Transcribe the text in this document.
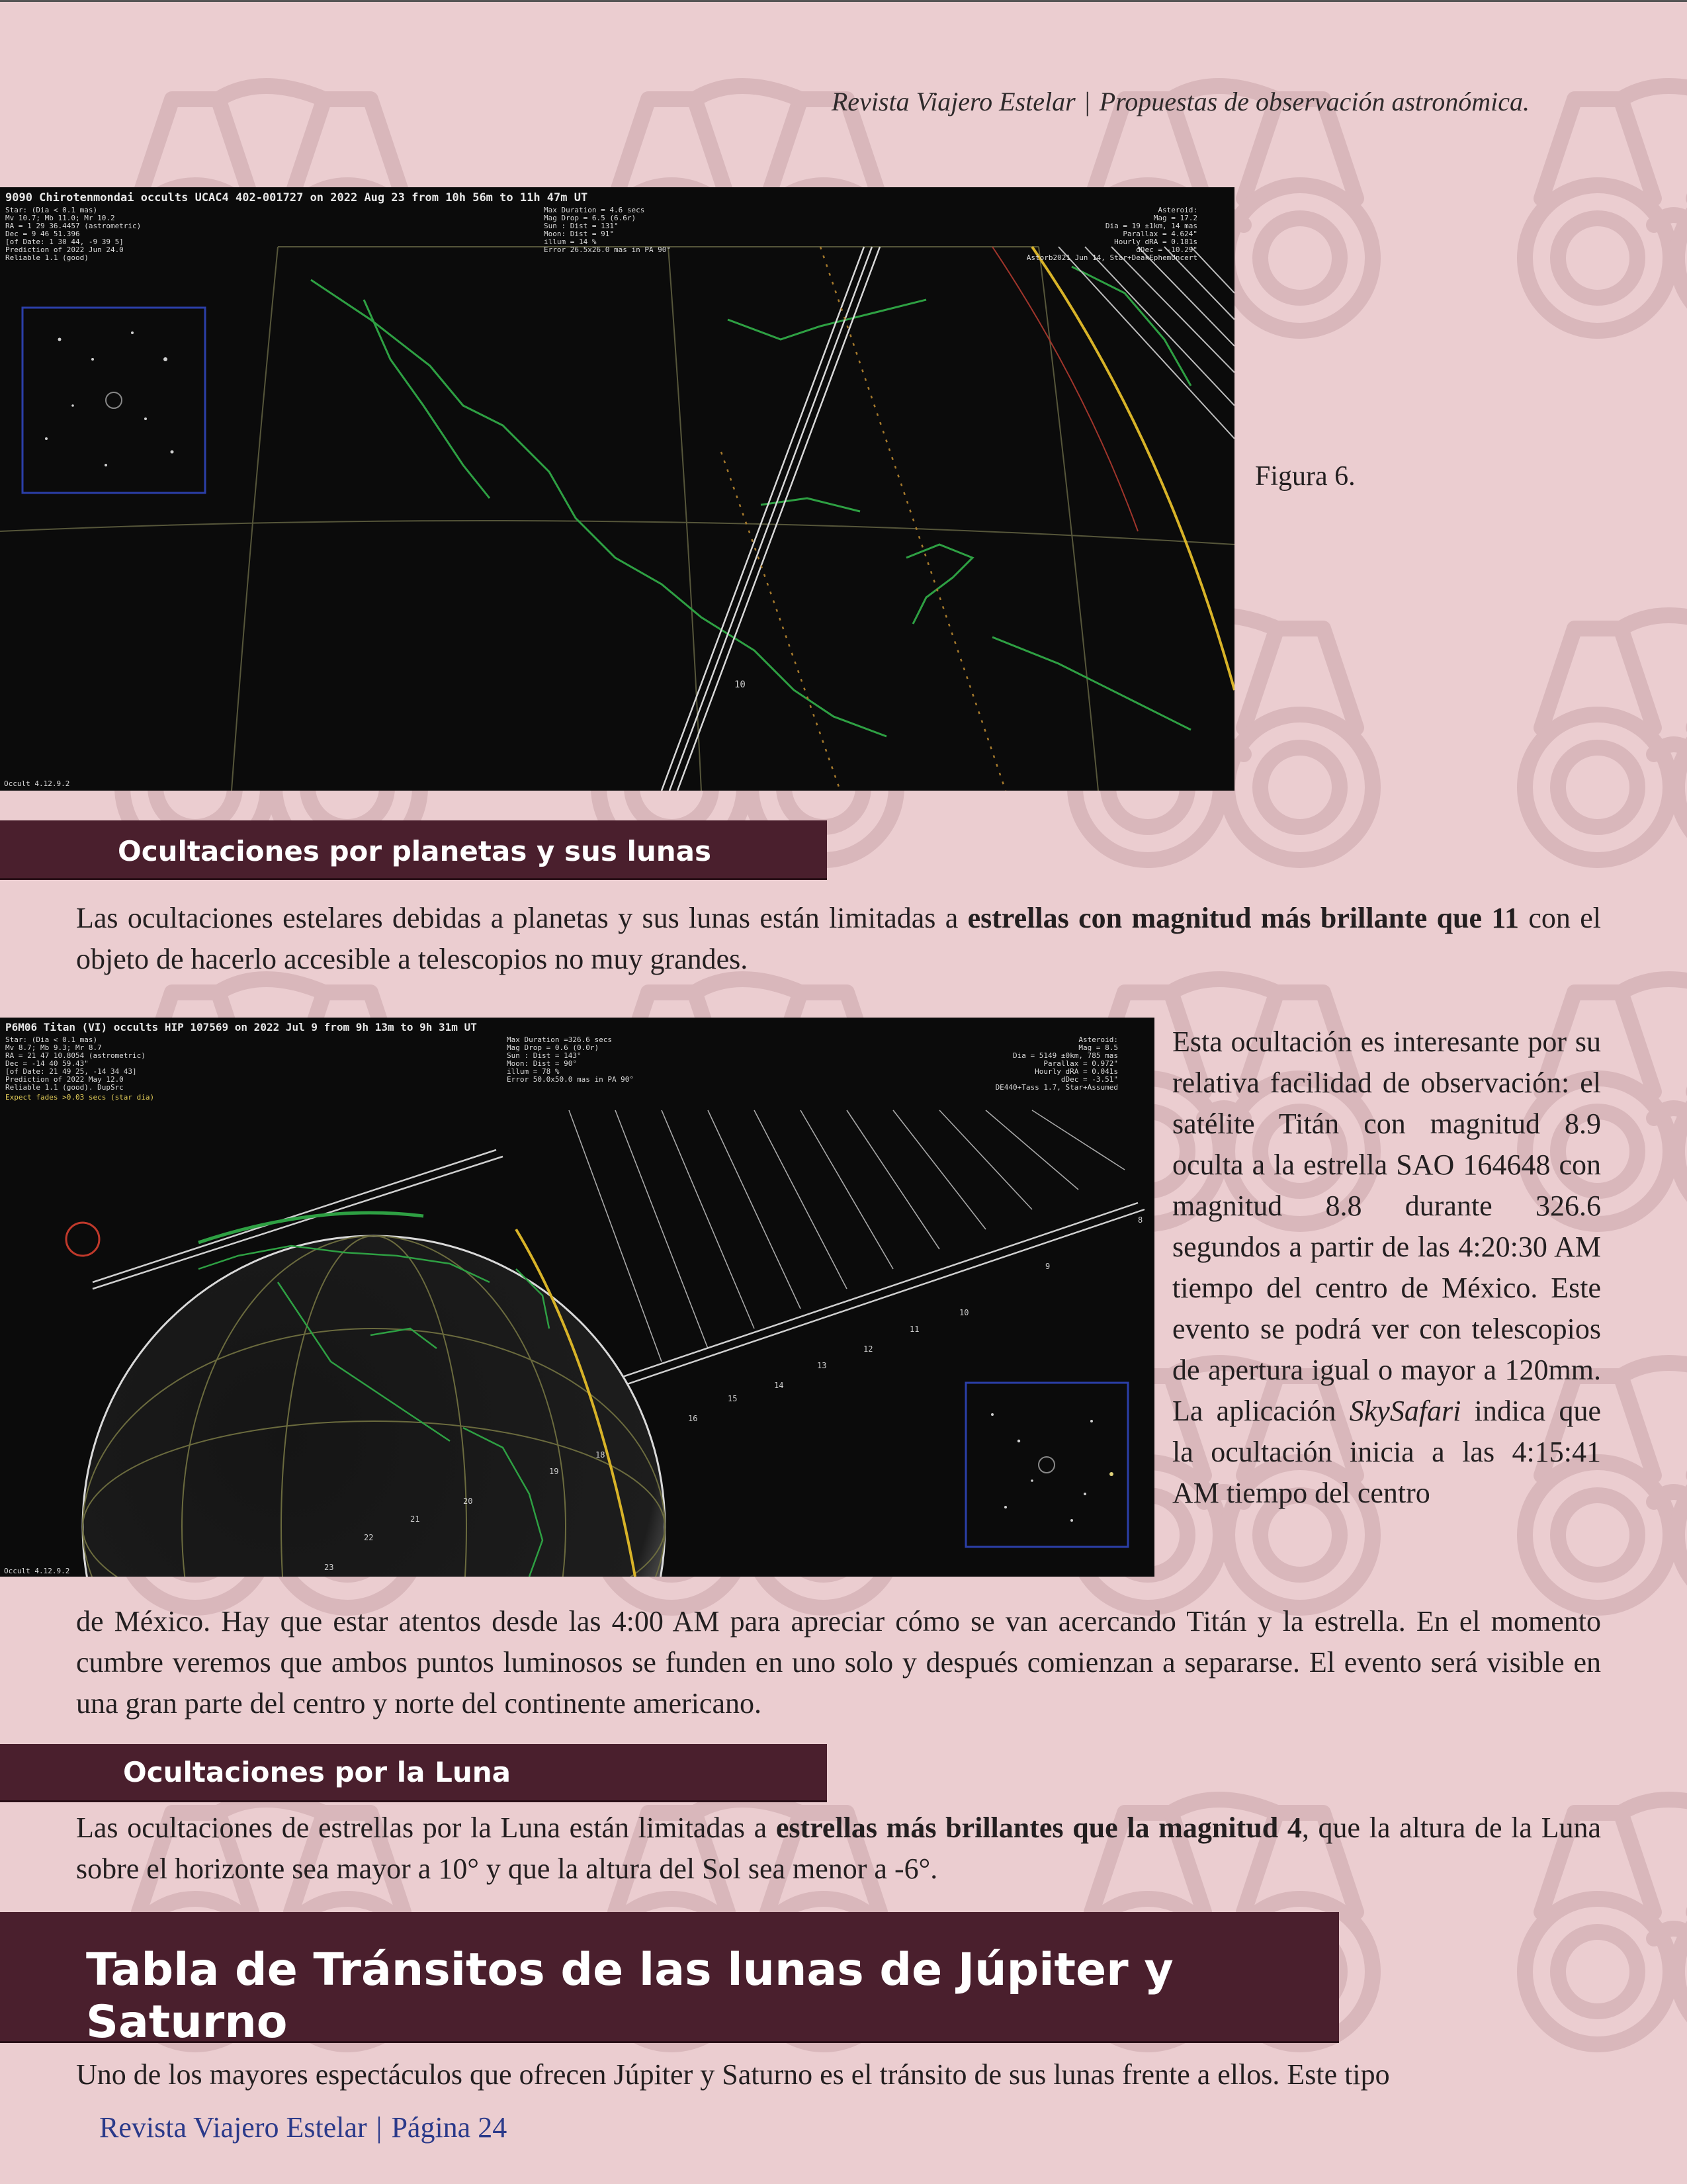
Revista Viajero Estelar | Propuestas de observación astronómica.
10
9090 Chirotenmondai occults UCAC4 402-001727 on 2022 Aug 23 from 10h 56m to 11h 47m UT
Star: (Dia < 0.1 mas)
Mv 10.7; Mb 11.0; Mr 10.2
RA = 1 29 36.4457 (astrometric)
Dec = 9 46 51.396
[of Date: 1 30 44, -9 39 5]
Prediction of 2022 Jun 24.0
Reliable 1.1 (good)
Max Duration = 4.6 secs
Mag Drop = 6.5 (6.6r)
Sun : Dist = 131°
Moon: Dist = 91°
illum = 14 %
Error 26.5x26.0 mas in PA 90°
Asteroid:
Mag = 17.2
Dia = 19 ±1km, 14 mas
Parallax = 4.624"
Hourly dRA = 0.181s
dDec = -10.29"
Astorb2021 Jun 14, Star+DeakEphemUncert
Occult 4.12.9.2
Figura 6.
Ocultaciones por planetas y sus lunas
Las ocultaciones estelares debidas a planetas y sus lunas están limitadas a estrellas con magnitud más brillante que 11 con el objeto de hacerlo accesible a telescopios no muy grandes.
8
9
10
11
12
13
14
15
16
18
19
20
21
22
23
P6M06 Titan (VI) occults HIP 107569 on 2022 Jul 9 from 9h 13m to 9h 31m UT
Star: (Dia < 0.1 mas)
Mv 8.7; Mb 9.3; Mr 8.7
RA = 21 47 10.8054 (astrometric)
Dec = -14 40 59.43"
[of Date: 21 49 25, -14 34 43]
Prediction of 2022 May 12.0
Reliable 1.1 (good). DupSrc
Expect fades >0.03 secs (star dia)
Max Duration =326.6 secs
Mag Drop = 0.6 (0.0r)
Sun : Dist = 143°
Moon: Dist = 90°
illum = 78 %
Error 50.0x50.0 mas in PA 90°
Asteroid:
Mag = 8.5
Dia = 5149 ±0km, 785 mas
Parallax = 0.972"
Hourly dRA = 0.041s
dDec = -3.51"
DE440+Tass 1.7, Star+Assumed
Occult 4.12.9.2
Esta ocultación es interesante por su relativa facilidad de observación: el satélite Titán con magnitud 8.9 oculta a la estrella SAO 164648 con magnitud 8.8 durante 326.6 segundos a partir de las 4:20:30 AM tiempo del centro de México. Este evento se podrá ver con telescopios de apertura igual o mayor a 120mm. La aplicación SkySafari indica que la ocultación inicia a las 4:15:41 AM tiempo del centro
de México. Hay que estar atentos desde las 4:00 AM para apreciar cómo se van acercando Titán y la estrella. En el momento cumbre veremos que ambos puntos luminosos se funden en uno solo y después comienzan a separarse. El evento será visible en una gran parte del centro y norte del continente americano.
Ocultaciones por la Luna
Las ocultaciones de estrellas por la Luna están limitadas a estrellas más brillantes que la magnitud 4, que la altura de la Luna sobre el horizonte sea mayor a 10° y que la altura del Sol sea menor a -6°.
Tabla de Tránsitos de las lunas de Júpiter y Saturno
Uno de los mayores espectáculos que ofrecen Júpiter y Saturno es el tránsito de sus lunas frente a ellos. Este tipo
Revista Viajero Estelar | Página 24
